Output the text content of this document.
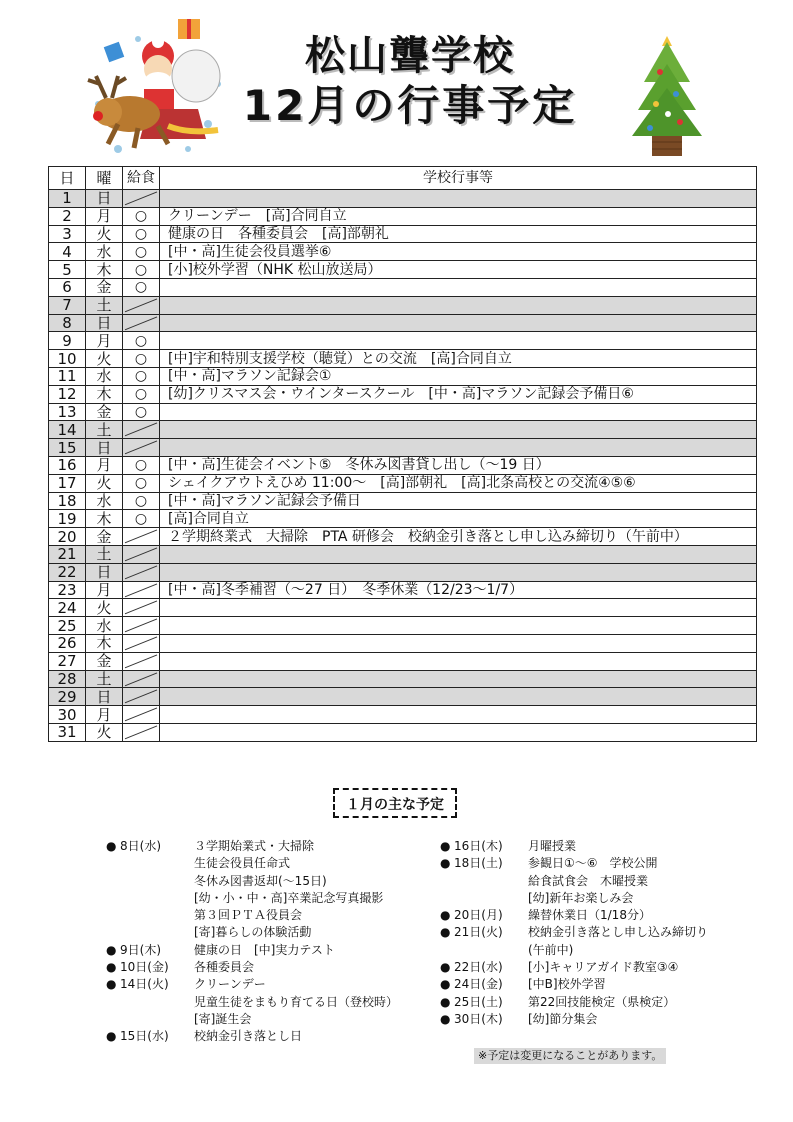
松山聾学校
12月の行事予定
日	曜	給食	学校行事等
1	日	

2	月	○	クリーンデー　[高]合同自立
3	火	○	健康の日　各種委員会　[高]部朝礼
4	水	○	[中・高]生徒会役員選挙⑥
5	木	○	[小]校外学習（NHK 松山放送局）
6	金	○	
7	土	

8	日	

9	月	○	
10	火	○	[中]宇和特別支援学校（聴覚）との交流　[高]合同自立
11	水	○	[中・高]マラソン記録会①
12	木	○	[幼]クリスマス会・ウインタースクール　[中・高]マラソン記録会予備日⑥
13	金	○	
14	土	

15	日	

16	月	○	[中・高]生徒会イベント⑤　冬休み図書貸し出し（～19 日）
17	火	○	シェイクアウトえひめ 11:00～　[高]部朝礼　[高]北条高校との交流④⑤⑥
18	水	○	[中・高]マラソン記録会予備日
19	木	○	[高]合同自立
20	金		２学期終業式　大掃除　PTA 研修会　校納金引き落とし申し込み締切り（午前中）
21	土	

22	日	

23	月		[中・高]冬季補習（～27 日）　冬季休業（12/23～1/7）
24	火	

25	水	

26	木	

27	金	

28	土	

29	日	

30	月	

31	火	

１月の主な予定
● 8日(水)	３学期始業式・大掃除
生徒会役員任命式
冬休み図書返却(～15日)
[幼・小・中・高]卒業記念写真撮影
第３回ＰＴＡ役員会
[寄]暮らしの体験活動
● 9日(木)	健康の日　[中]実力テスト
● 10日(金)	各種委員会
● 14日(火)	クリーンデー
児童生徒をまもり育てる日（登校時）
[寄]誕生会
● 15日(水)	校納金引き落とし日
● 16日(木)	月曜授業
● 18日(土)	参観日①～⑥　学校公開
給食試食会　木曜授業
[幼]新年お楽しみ会
● 20日(月)	繰替休業日（1/18分）
● 21日(火)	校納金引き落とし申し込み締切り
(午前中)
● 22日(水)	[小]キャリアガイド教室③④
● 24日(金)	[中B]校外学習
● 25日(土)	第22回技能検定（県検定）
● 30日(木)	[幼]節分集会
※予定は変更になることがあります。
